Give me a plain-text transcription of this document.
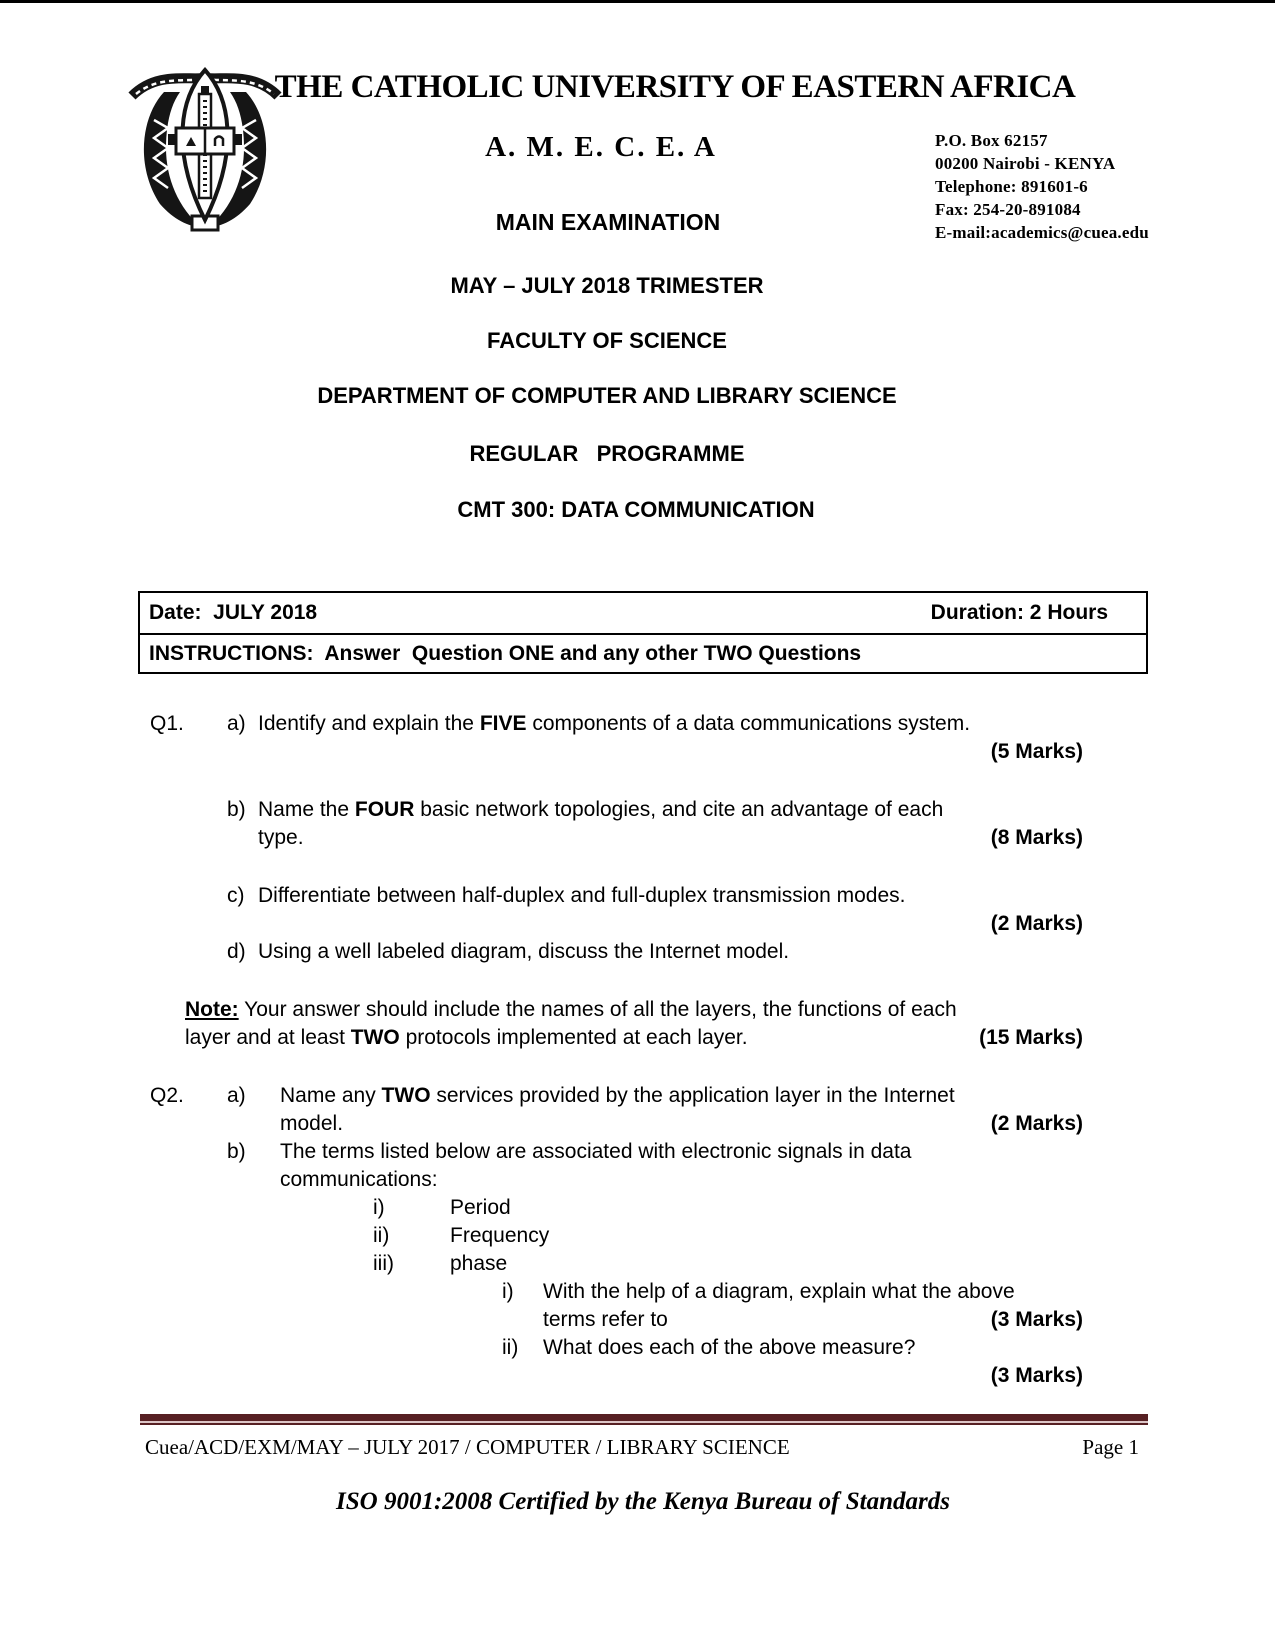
THE CATHOLIC UNIVERSITY OF EASTERN AFRICA
A. M. E. C. E. A	P.O. Box 62157
00200 Nairobi - KENYA
Telephone: 891601-6
Fax: 254-20-891084
E-mail:academics@cuea.edu
MAIN EXAMINATION
MAY – JULY 2018 TRIMESTER
FACULTY OF SCIENCE
DEPARTMENT OF COMPUTER AND LIBRARY SCIENCE
REGULAR   PROGRAMME
CMT 300: DATA COMMUNICATION
Date:  JULY 2018	Duration: 2 Hours
INSTRUCTIONS:  Answer  Question ONE and any other TWO Questions
Q1. a) Identify and explain the FIVE components of a data communications system.
(5 Marks)
b) Name the FOUR basic network topologies, and cite an advantage of each
type.	(8 Marks)
c) Differentiate between half-duplex and full-duplex transmission modes.
(2 Marks)
d) Using a well labeled diagram, discuss the Internet model.
Note: Your answer should include the names of all the layers, the functions of each
layer and at least TWO protocols implemented at each layer.	(15 Marks)
Q2. a) Name any TWO services provided by the application layer in the Internet
model.	(2 Marks)
b) The terms listed below are associated with electronic signals in data
communications:
i)	Period
ii)	Frequency
iii)	phase
i) With the help of a diagram, explain what the above
terms refer to	(3 Marks)
ii) What does each of the above measure?
(3 Marks)
Cuea/ACD/EXM/MAY – JULY 2017 / COMPUTER / LIBRARY SCIENCE	Page 1
ISO 9001:2008 Certified by the Kenya Bureau of Standards
